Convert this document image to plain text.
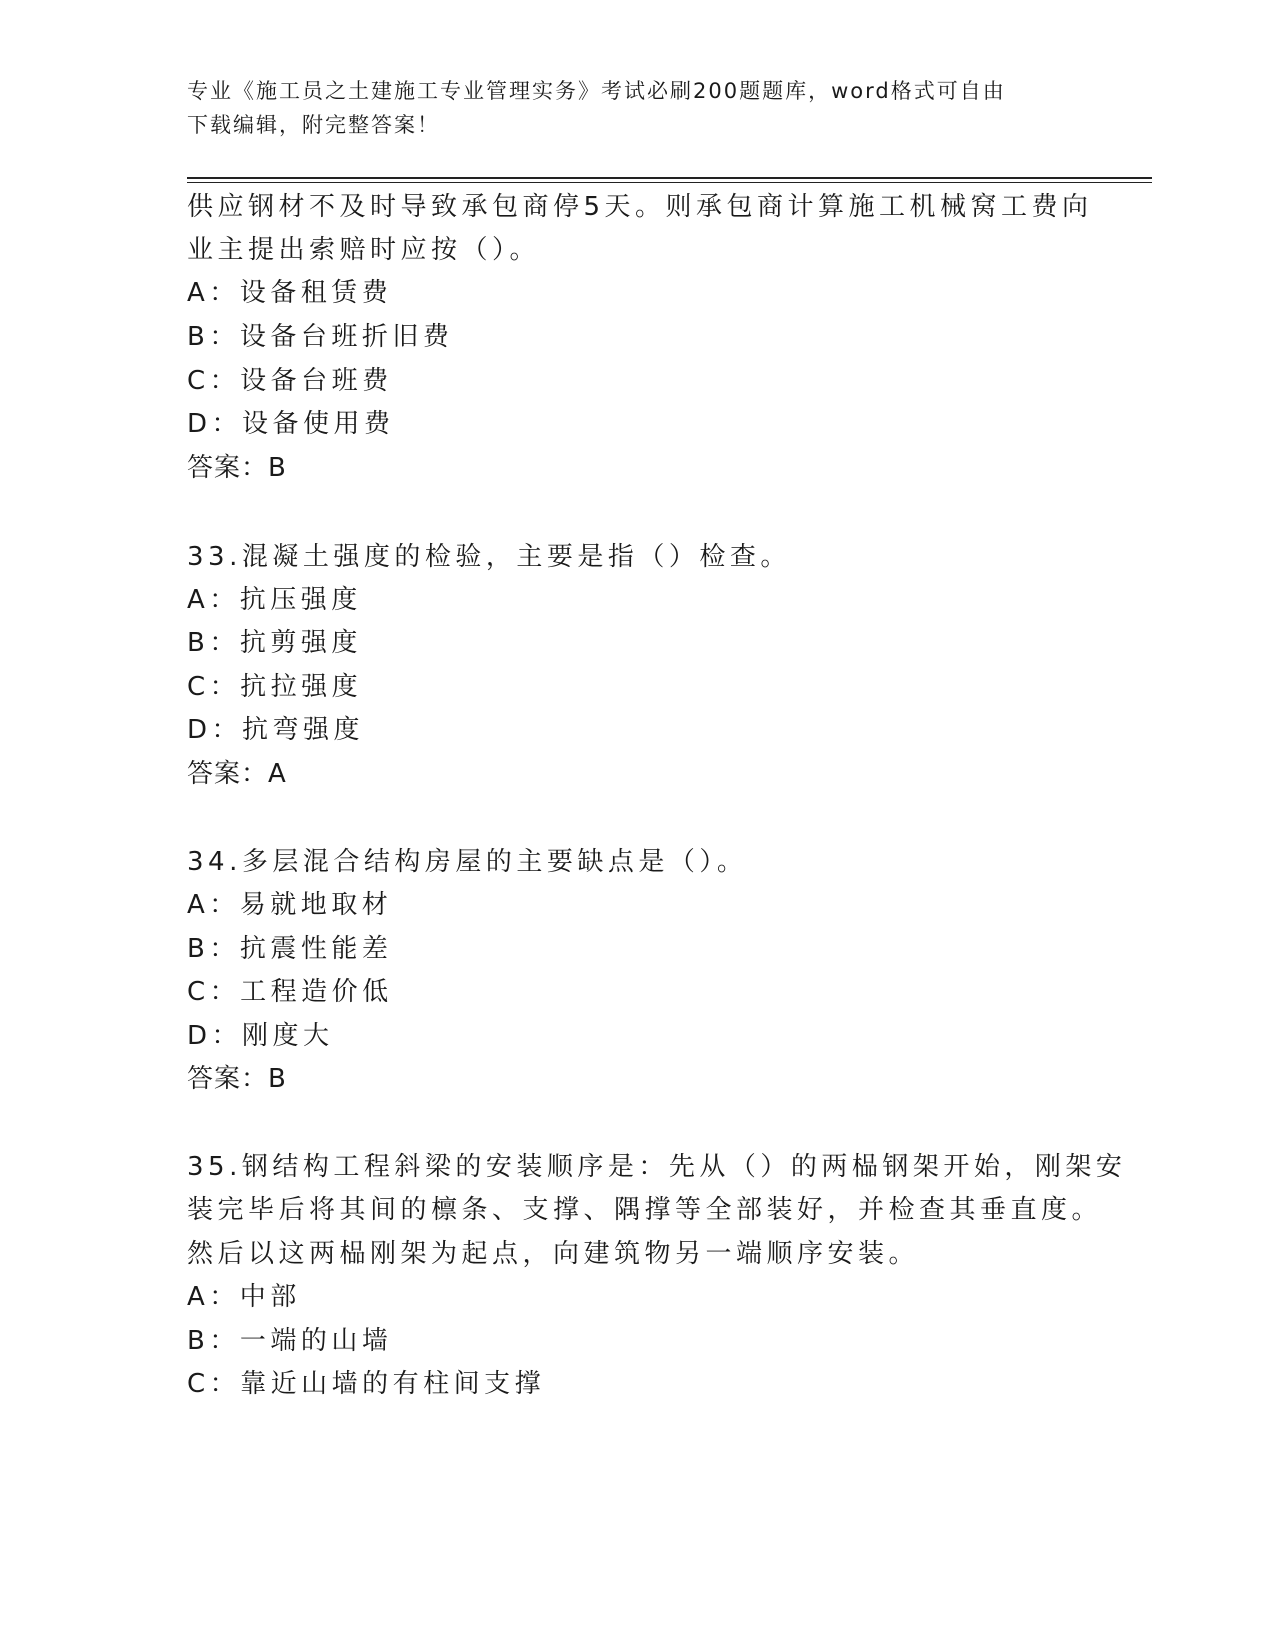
专业《施工员之土建施工专业管理实务》考试必刷200题题库，word格式可自由
下载编辑，附完整答案！
供应钢材不及时导致承包商停5天。则承包商计算施工机械窝工费向
业主提出索赔时应按（）。
A：设备租赁费
B：设备台班折旧费
C：设备台班费
D：设备使用费
答案：B
33.混凝土强度的检验，主要是指（）检查。
A：抗压强度
B：抗剪强度
C：抗拉强度
D：抗弯强度
答案：A
34.多层混合结构房屋的主要缺点是（）。
A：易就地取材
B：抗震性能差
C：工程造价低
D：刚度大
答案：B
35.钢结构工程斜梁的安装顺序是：先从（）的两榀钢架开始，刚架安
装完毕后将其间的檩条、支撑、隅撑等全部装好，并检查其垂直度。
然后以这两榀刚架为起点，向建筑物另一端顺序安装。
A：中部
B：一端的山墙
C：靠近山墙的有柱间支撑
